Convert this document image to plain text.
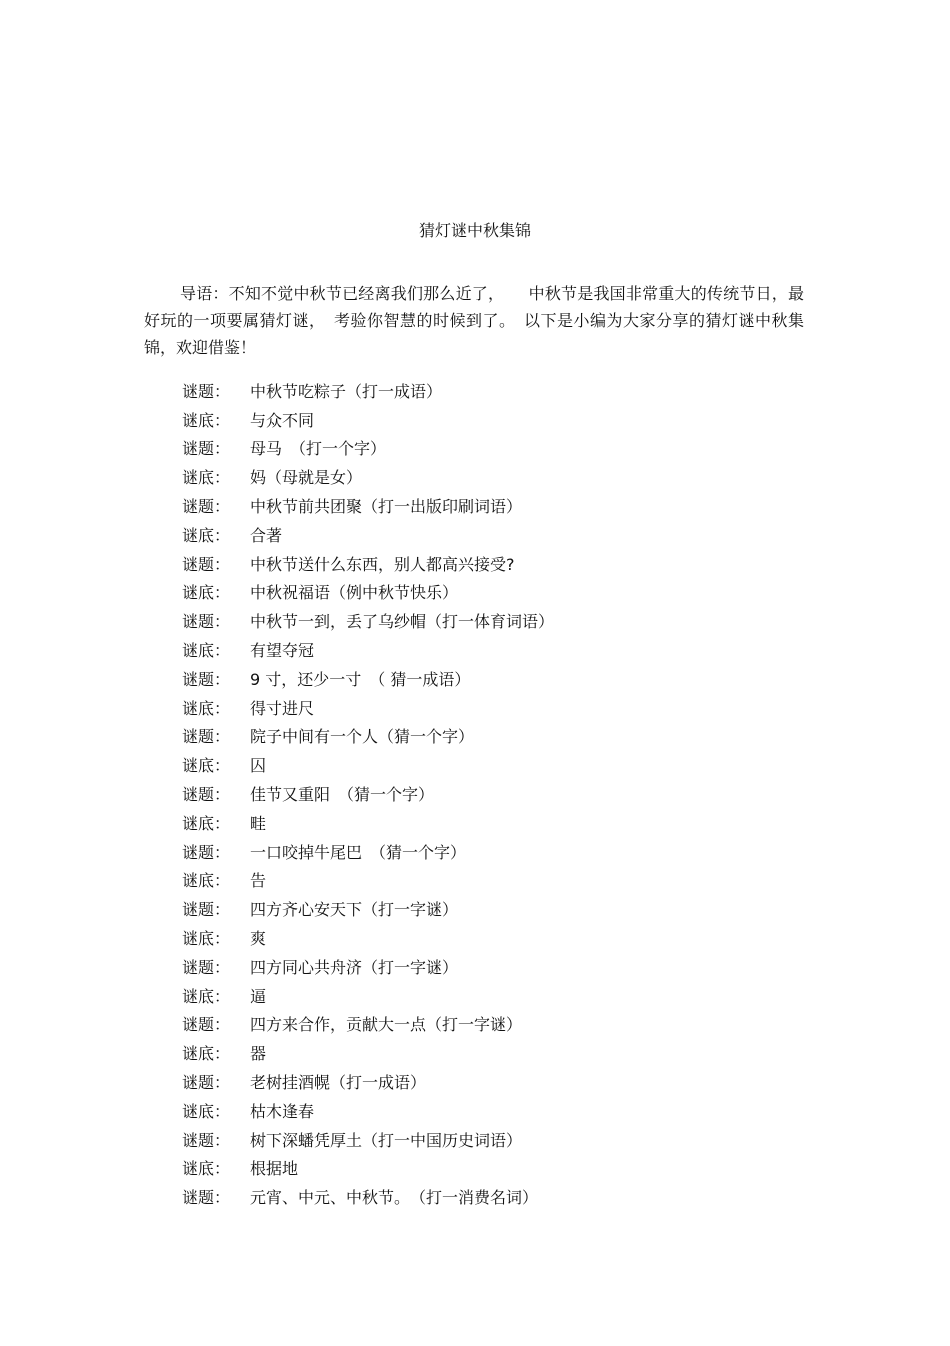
猜灯谜中秋集锦

导语：不知不觉中秋节已经离我们那么近了，　　中秋节是我国非常重大的传统节日，最好玩的一项要属猜灯谜，　考验你智慧的时候到了。　以下是小编为大家分享的猜灯谜中秋集锦，欢迎借鉴！

谜题：	中秋节吃粽子（打一成语）
谜底：	与众不同
谜题：	母马　（打一个字）
谜底：	妈（母就是女）
谜题：	中秋节前共团聚（打一出版印刷词语）
谜底：	合著
谜题：	中秋节送什么东西，别人都高兴接受?
谜底：	中秋祝福语（例中秋节快乐）
谜题：	中秋节一到，丢了乌纱帽（打一体育词语）
谜底：	有望夺冠
谜题：	9 寸，还少一寸　（ 猜一成语）
谜底：	得寸进尺
谜题：	院子中间有一个人（猜一个字）
谜底：	囚
谜题：	佳节又重阳　（猜一个字）
谜底：	畦
谜题：	一口咬掉牛尾巴　（猜一个字）
谜底：	告
谜题：	四方齐心安天下（打一字谜）
谜底：	爽
谜题：	四方同心共舟济（打一字谜）
谜底：	逼
谜题：	四方来合作，贡献大一点（打一字谜）
谜底：	器
谜题：	老树挂酒幌（打一成语）
谜底：	枯木逢春
谜题：	树下深蟠凭厚土（打一中国历史词语）
谜底：	根据地
谜题：	元宵、中元、中秋节。　（打一消费名词）
